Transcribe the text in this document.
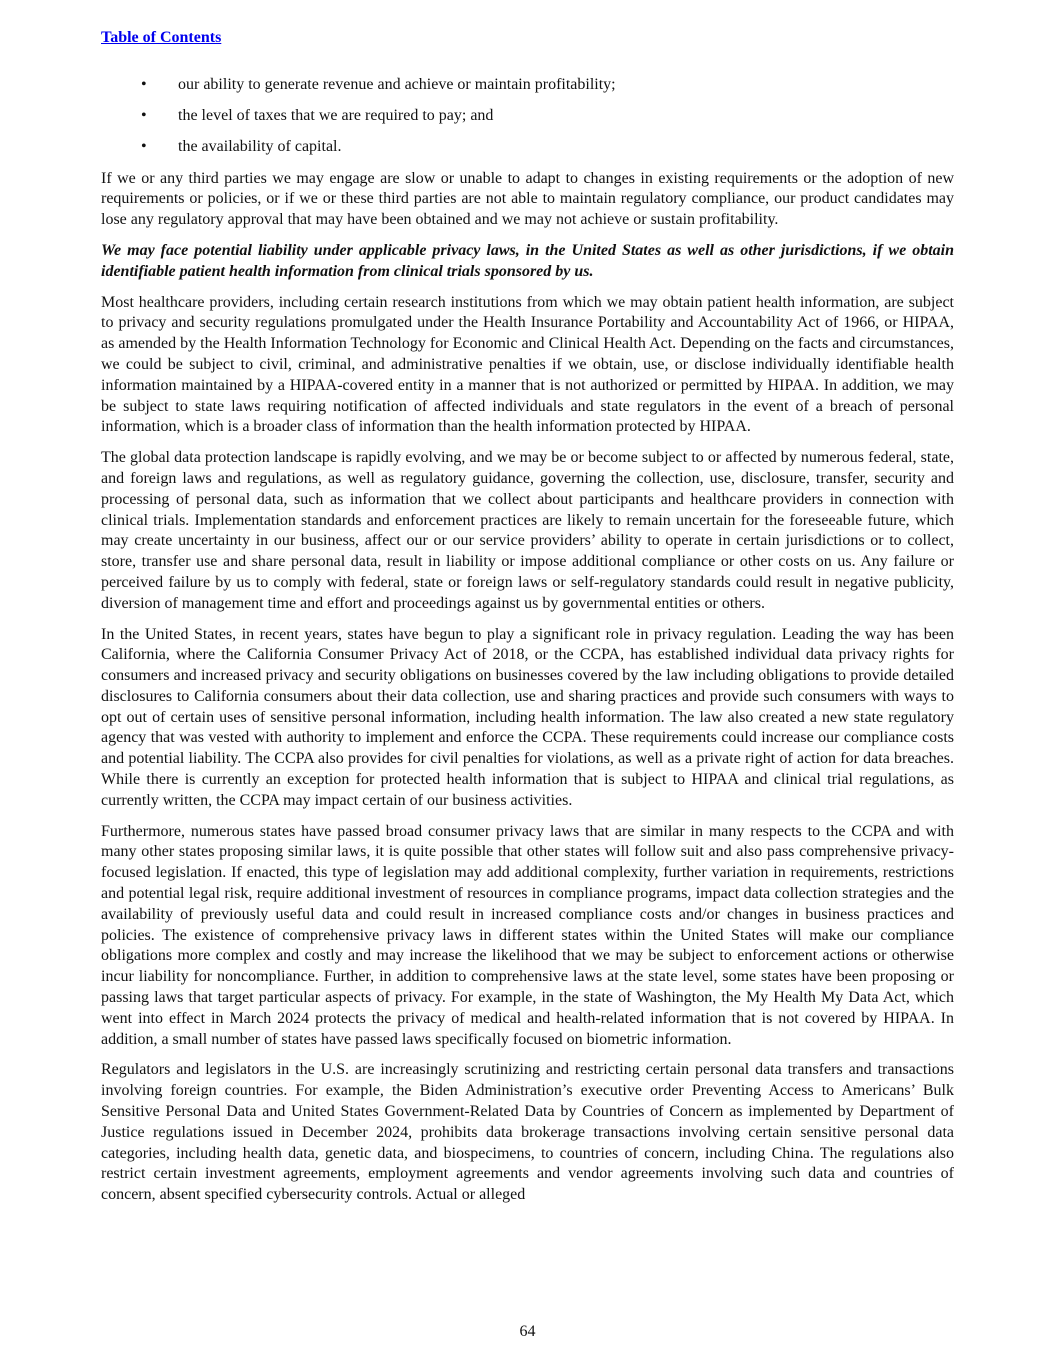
Table of Contents
• our ability to generate revenue and achieve or maintain profitability;
• the level of taxes that we are required to pay; and
• the availability of capital.

If we or any third parties we may engage are slow or unable to adapt to changes in existing requirements or the adoption of new requirements or policies, or if we or these third parties are not able to maintain regulatory compliance, our product candidates may lose any regulatory approval that may have been obtained and we may not achieve or sustain profitability.

We may face potential liability under applicable privacy laws, in the United States as well as other jurisdictions, if we obtain identifiable patient health information from clinical trials sponsored by us.

Most healthcare providers, including certain research institutions from which we may obtain patient health information, are subject to privacy and security regulations promulgated under the Health Insurance Portability and Accountability Act of 1966, or HIPAA, as amended by the Health Information Technology for Economic and Clinical Health Act. Depending on the facts and circumstances, we could be subject to civil, criminal, and administrative penalties if we obtain, use, or disclose individually identifiable health information maintained by a HIPAA-covered entity in a manner that is not authorized or permitted by HIPAA. In addition, we may be subject to state laws requiring notification of affected individuals and state regulators in the event of a breach of personal information, which is a broader class of information than the health information protected by HIPAA.

The global data protection landscape is rapidly evolving, and we may be or become subject to or affected by numerous federal, state, and foreign laws and regulations, as well as regulatory guidance, governing the collection, use, disclosure, transfer, security and processing of personal data, such as information that we collect about participants and healthcare providers in connection with clinical trials. Implementation standards and enforcement practices are likely to remain uncertain for the foreseeable future, which may create uncertainty in our business, affect our or our service providers’ ability to operate in certain jurisdictions or to collect, store, transfer use and share personal data, result in liability or impose additional compliance or other costs on us. Any failure or perceived failure by us to comply with federal, state or foreign laws or self-regulatory standards could result in negative publicity, diversion of management time and effort and proceedings against us by governmental entities or others.

In the United States, in recent years, states have begun to play a significant role in privacy regulation. Leading the way has been California, where the California Consumer Privacy Act of 2018, or the CCPA, has established individual data privacy rights for consumers and increased privacy and security obligations on businesses covered by the law including obligations to provide detailed disclosures to California consumers about their data collection, use and sharing practices and provide such consumers with ways to opt out of certain uses of sensitive personal information, including health information. The law also created a new state regulatory agency that was vested with authority to implement and enforce the CCPA. These requirements could increase our compliance costs and potential liability. The CCPA also provides for civil penalties for violations, as well as a private right of action for data breaches. While there is currently an exception for protected health information that is subject to HIPAA and clinical trial regulations, as currently written, the CCPA may impact certain of our business activities.

Furthermore, numerous states have passed broad consumer privacy laws that are similar in many respects to the CCPA and with many other states proposing similar laws, it is quite possible that other states will follow suit and also pass comprehensive privacy-focused legislation. If enacted, this type of legislation may add additional complexity, further variation in requirements, restrictions and potential legal risk, require additional investment of resources in compliance programs, impact data collection strategies and the availability of previously useful data and could result in increased compliance costs and/or changes in business practices and policies. The existence of comprehensive privacy laws in different states within the United States will make our compliance obligations more complex and costly and may increase the likelihood that we may be subject to enforcement actions or otherwise incur liability for noncompliance. Further, in addition to comprehensive laws at the state level, some states have been proposing or passing laws that target particular aspects of privacy. For example, in the state of Washington, the My Health My Data Act, which went into effect in March 2024 protects the privacy of medical and health-related information that is not covered by HIPAA. In addition, a small number of states have passed laws specifically focused on biometric information.

Regulators and legislators in the U.S. are increasingly scrutinizing and restricting certain personal data transfers and transactions involving foreign countries. For example, the Biden Administration’s executive order Preventing Access to Americans’ Bulk Sensitive Personal Data and United States Government-Related Data by Countries of Concern as implemented by Department of Justice regulations issued in December 2024, prohibits data brokerage transactions involving certain sensitive personal data categories, including health data, genetic data, and biospecimens, to countries of concern, including China. The regulations also restrict certain investment agreements, employment agreements and vendor agreements involving such data and countries of concern, absent specified cybersecurity controls. Actual or alleged

64
